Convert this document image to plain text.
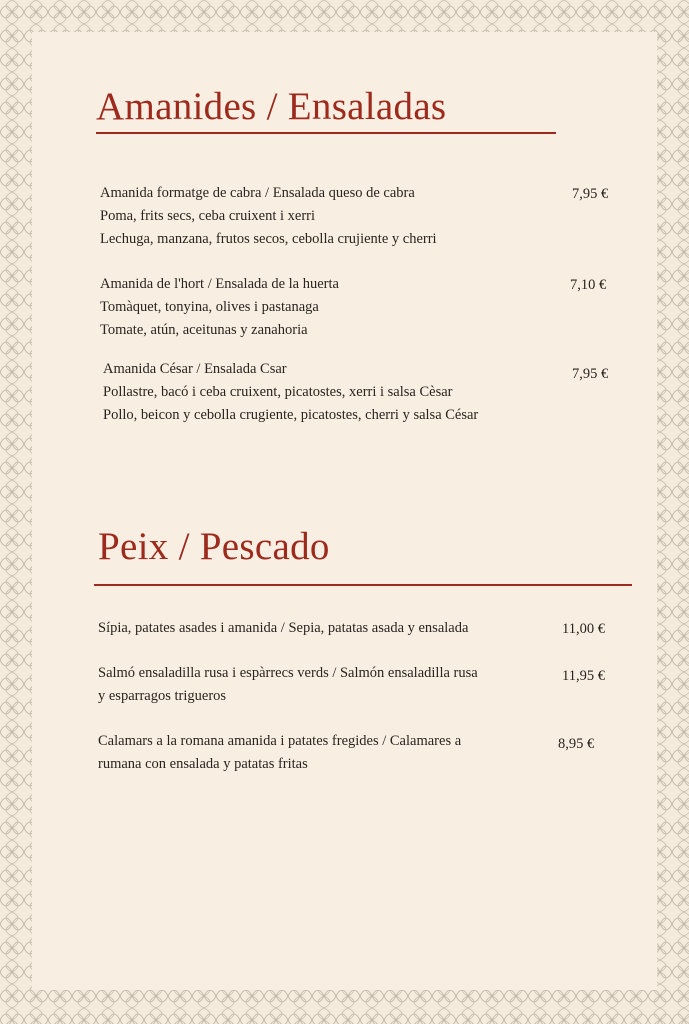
Amanides / Ensaladas
Amanida formatge de cabra / Ensalada queso de cabra
Poma, frits secs, ceba cruixent i xerri
Lechuga, manzana, frutos secos, cebolla crujiente y cherri
7,95 €
Amanida de l'hort / Ensalada de la huerta
Tomàquet, tonyina, olives i pastanaga
Tomate, atún, aceitunas y zanahoria
7,10 €
Amanida César / Ensalada Csar
Pollastre, bacó i ceba cruixent, picatostes, xerri i salsa Cèsar
Pollo, beicon y cebolla crugiente, picatostes, cherri y salsa César
7,95 €
Peix / Pescado
Sípia, patates asades i amanida / Sepia, patatas asada y ensalada	11,00 €
Salmó ensaladilla rusa i espàrrecs verds / Salmón ensaladilla rusa
y esparragos trigueros
11,95 €
Calamars a la romana amanida i patates fregides / Calamares a
rumana con ensalada y patatas fritas
8,95 €
